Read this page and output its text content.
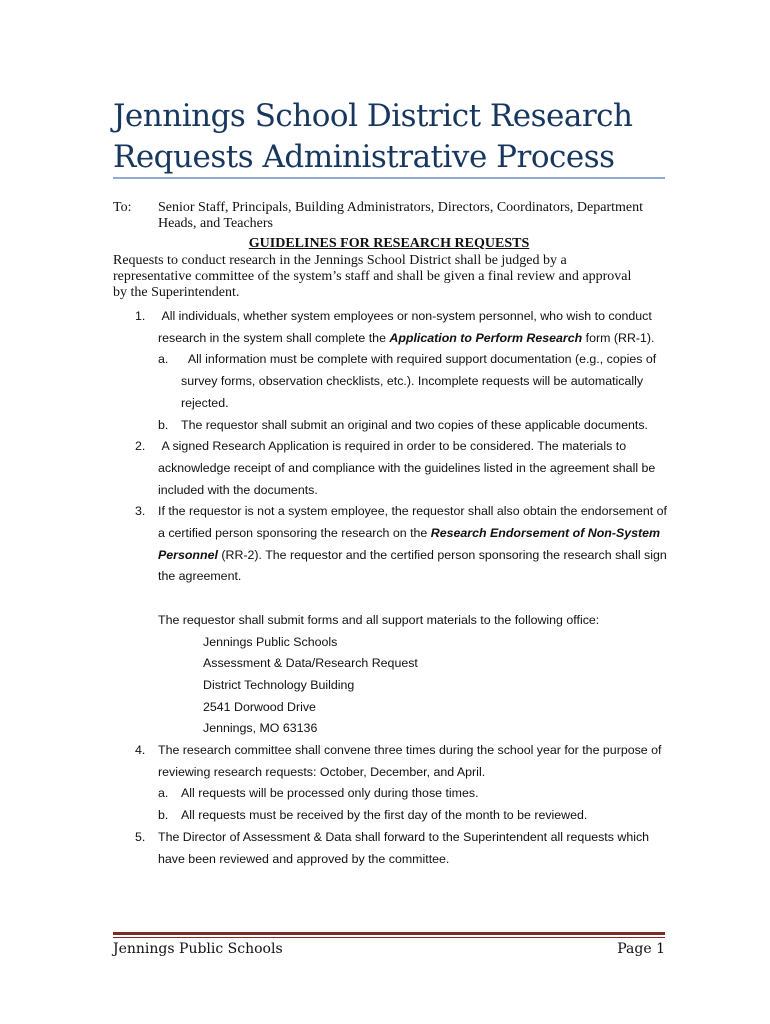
Jennings School District Research Requests Administrative Process
To: Senior Staff, Principals, Building Administrators, Directors, Coordinators, Department Heads, and Teachers
GUIDELINES FOR RESEARCH REQUESTS
Requests to conduct research in the Jennings School District shall be judged by a representative committee of the system’s staff and shall be given a final review and approval by the Superintendent.
1. All individuals, whether system employees or non-system personnel, who wish to conduct research in the system shall complete the Application to Perform Research form (RR-1).
a.	All information must be complete with required support documentation (e.g., copies of survey forms, observation checklists, etc.). Incomplete requests will be automatically rejected.
b. The requestor shall submit an original and two copies of these applicable documents.
2. A signed Research Application is required in order to be considered. The materials to acknowledge receipt of and compliance with the guidelines listed in the agreement shall be included with the documents.
3. If the requestor is not a system employee, the requestor shall also obtain the endorsement of a certified person sponsoring the research on the Research Endorsement of Non-System Personnel (RR-2). The requestor and the certified person sponsoring the research shall sign the agreement.
The requestor shall submit forms and all support materials to the following office:
Jennings Public Schools
Assessment & Data/Research Request
District Technology Building
2541 Dorwood Drive
Jennings, MO 63136
4. The research committee shall convene three times during the school year for the purpose of reviewing research requests: October, December, and April.
a. All requests will be processed only during those times.
b. All requests must be received by the first day of the month to be reviewed.
5. The Director of Assessment & Data shall forward to the Superintendent all requests which have been reviewed and approved by the committee.
Jennings Public Schools	Page 1
